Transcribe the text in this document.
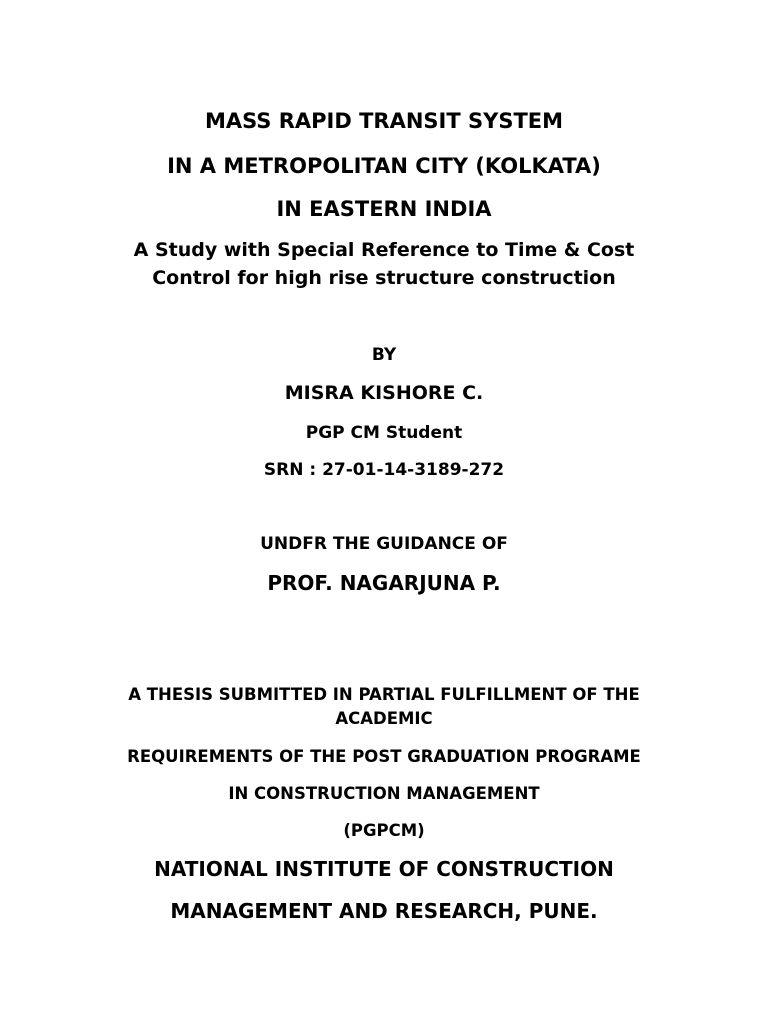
MASS RAPID TRANSIT SYSTEM
IN A METROPOLITAN CITY (KOLKATA)
IN EASTERN INDIA
A Study with Special Reference to Time & Cost
Control for high rise structure construction
BY
MISRA KISHORE C.
PGP CM Student
SRN : 27-01-14-3189-272
UNDFR THE GUIDANCE OF
PROF. NAGARJUNA P.
A THESIS SUBMITTED IN PARTIAL FULFILLMENT OF THE
ACADEMIC
REQUIREMENTS OF THE POST GRADUATION PROGRAME
IN CONSTRUCTION MANAGEMENT
(PGPCM)
NATIONAL INSTITUTE OF CONSTRUCTION
MANAGEMENT AND RESEARCH, PUNE.
